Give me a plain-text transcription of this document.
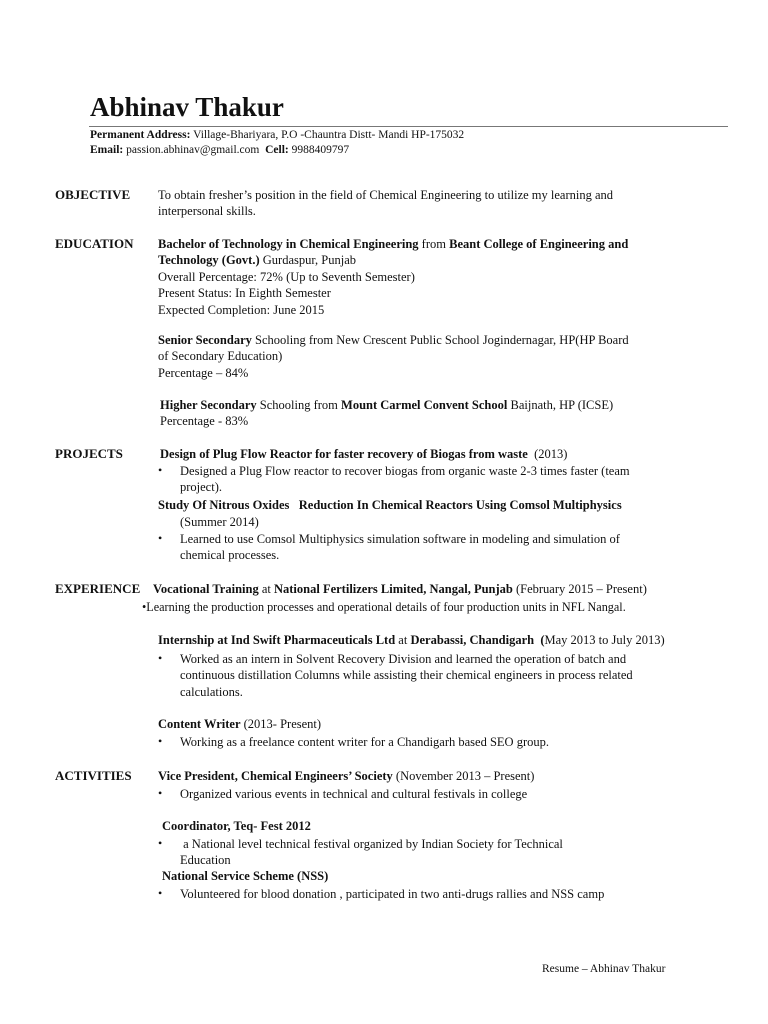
Abhinav Thakur
Permanent Address: Village-Bhariyara, P.O -Chauntra Distt- Mandi HP-175032
Email: passion.abhinav@gmail.com Cell: 9988409797
OBJECTIVE To obtain fresher’s position in the field of Chemical Engineering to utilize my learning and
interpersonal skills.
EDUCATION Bachelor of Technology in Chemical Engineering from Beant College of Engineering and
Technology (Govt.) Gurdaspur, Punjab
Overall Percentage: 72% (Up to Seventh Semester)
Present Status: In Eighth Semester
Expected Completion: June 2015
Senior Secondary Schooling from New Crescent Public School Jogindernagar, HP(HP Board
of Secondary Education)
Percentage – 84%
Higher Secondary Schooling from Mount Carmel Convent School Baijnath, HP (ICSE)
Percentage - 83%
PROJECTS	Design of Plug Flow Reactor for faster recovery of Biogas from waste  (2013)
• Designed a Plug Flow reactor to recover biogas from organic waste 2-3 times faster (team
project).
Study Of Nitrous Oxides   Reduction In Chemical Reactors Using Comsol Multiphysics
(Summer 2014)
• Learned to use Comsol Multiphysics simulation software in modeling and simulation of
chemical processes.
EXPERIENCE Vocational Training at National Fertilizers Limited, Nangal, Punjab (February 2015 – Present)
•Learning the production processes and operational details of four production units in NFL Nangal.
Internship at Ind Swift Pharmaceuticals Ltd at Derabassi, Chandigarh  (May 2013 to July 2013)
• Worked as an intern in Solvent Recovery Division and learned the operation of batch and
continuous distillation Columns while assisting their chemical engineers in process related
calculations.
Content Writer (2013- Present)
• Working as a freelance content writer for a Chandigarh based SEO group.
ACTIVITIES Vice President, Chemical Engineers’ Society (November 2013 – Present)
• Organized various events in technical and cultural festivals in college
Coordinator, Teq- Fest 2012
• a National level technical festival organized by Indian Society for Technical
Education
National Service Scheme (NSS)
• Volunteered for blood donation , participated in two anti-drugs rallies and NSS camp
Resume – Abhinav Thakur
